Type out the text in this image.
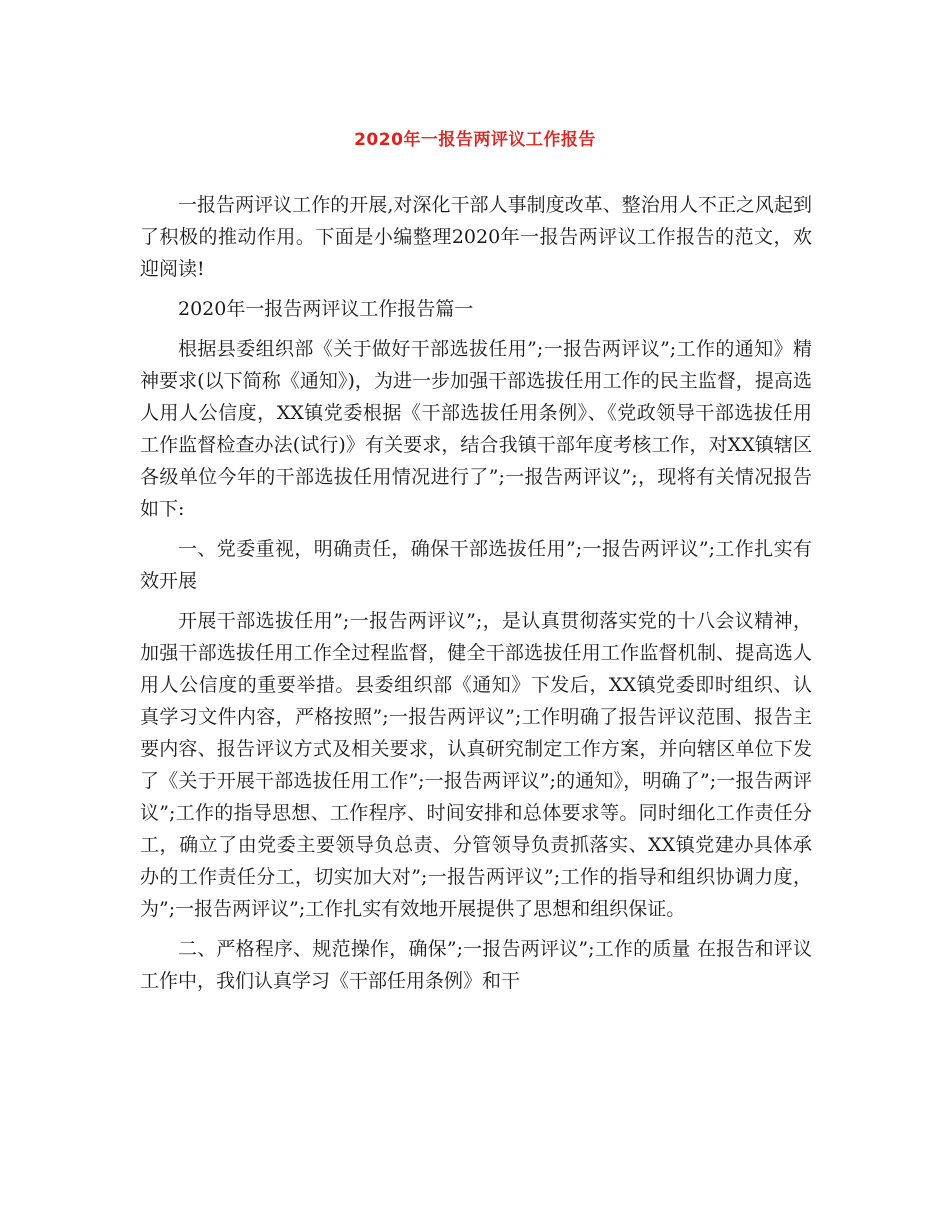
2020年一报告两评议工作报告

一报告两评议工作的开展,对深化干部人事制度改革、整治用人不正之风起到了积极的推动作用。下面是小编整理2020年一报告两评议工作报告的范文，欢迎阅读!

2020年一报告两评议工作报告篇一

根据县委组织部《关于做好干部选拔任用”;一报告两评议”;工作的通知》精神要求(以下简称《通知》)，为进一步加强干部选拔任用工作的民主监督，提高选人用人公信度，XX镇党委根据《干部选拔任用条例》、《党政领导干部选拔任用工作监督检查办法(试行)》有关要求，结合我镇干部年度考核工作，对XX镇辖区各级单位今年的干部选拔任用情况进行了”;一报告两评议”;，现将有关情况报告如下:

一、党委重视，明确责任，确保干部选拔任用”;一报告两评议”;工作扎实有效开展

开展干部选拔任用”;一报告两评议”;，是认真贯彻落实党的十八会议精神，加强干部选拔任用工作全过程监督，健全干部选拔任用工作监督机制、提高选人用人公信度的重要举措。县委组织部《通知》下发后，XX镇党委即时组织、认真学习文件内容，严格按照”;一报告两评议”;工作明确了报告评议范围、报告主要内容、报告评议方式及相关要求，认真研究制定工作方案，并向辖区单位下发了《关于开展干部选拔任用工作”;一报告两评议”;的通知》，明确了”;一报告两评议”;工作的指导思想、工作程序、时间安排和总体要求等。同时细化工作责任分工，确立了由党委主要领导负总责、分管领导负责抓落实、XX镇党建办具体承办的工作责任分工，切实加大对”;一报告两评议”;工作的指导和组织协调力度，为”;一报告两评议”;工作扎实有效地开展提供了思想和组织保证。

二、严格程序、规范操作，确保”;一报告两评议”;工作的质量 在报告和评议工作中，我们认真学习《干部任用条例》和干
